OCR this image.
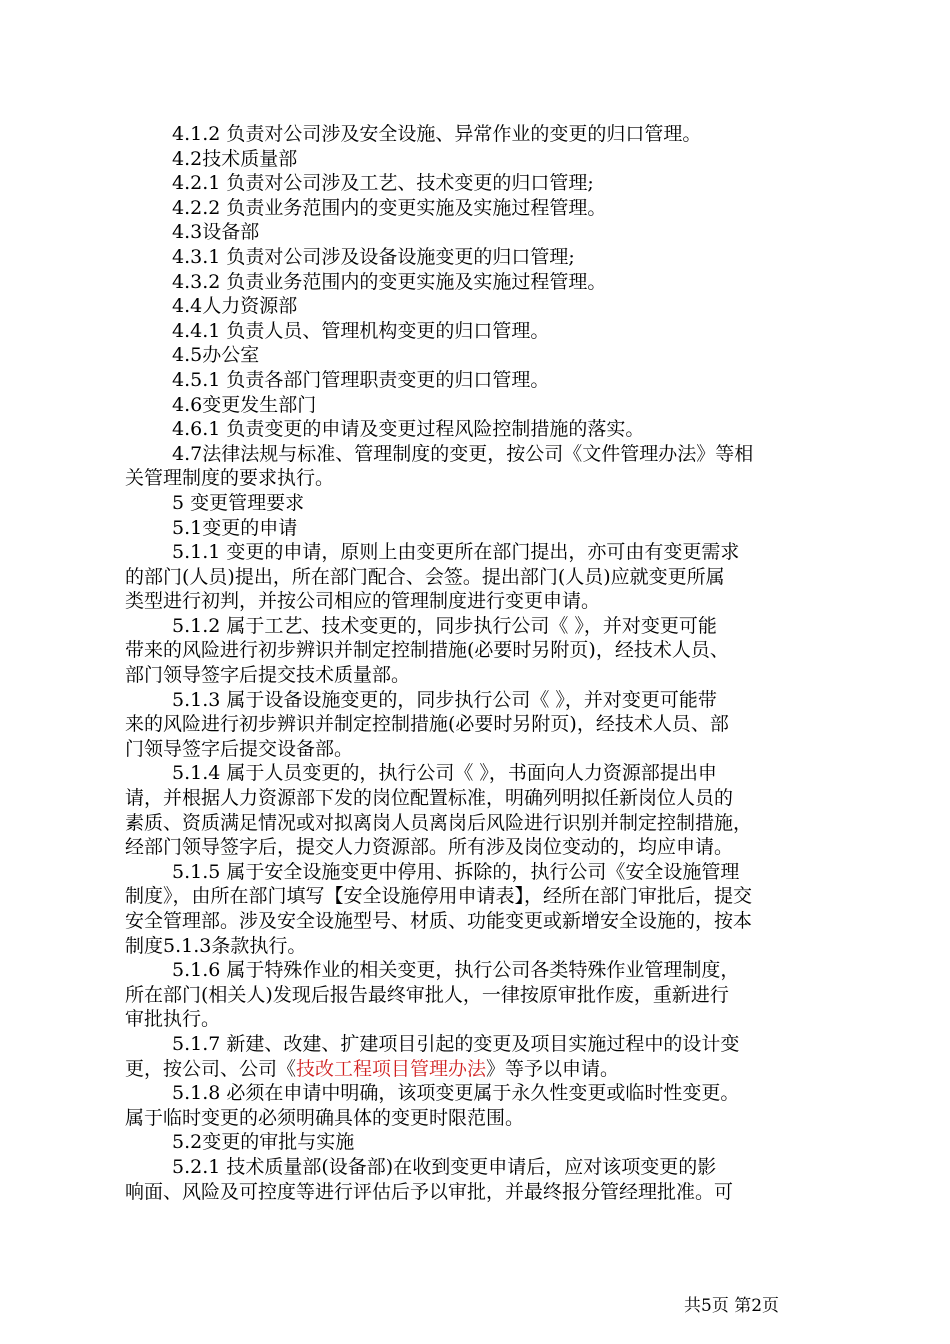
4.1.2 负责对公司涉及安全设施、异常作业的变更的归口管理。
4.2技术质量部
4.2.1 负责对公司涉及工艺、技术变更的归口管理;
4.2.2 负责业务范围内的变更实施及实施过程管理。
4.3设备部
4.3.1 负责对公司涉及设备设施变更的归口管理;
4.3.2 负责业务范围内的变更实施及实施过程管理。
4.4人力资源部
4.4.1 负责人员、管理机构变更的归口管理。
4.5办公室
4.5.1 负责各部门管理职责变更的归口管理。
4.6变更发生部门
4.6.1 负责变更的申请及变更过程风险控制措施的落实。
4.7法律法规与标准、管理制度的变更，按公司《文件管理办法》等相
关管理制度的要求执行。
5 变更管理要求
5.1变更的申请
5.1.1 变更的申请，原则上由变更所在部门提出，亦可由有变更需求
的部门(人员)提出，所在部门配合、会签。提出部门(人员)应就变更所属
类型进行初判，并按公司相应的管理制度进行变更申请。
5.1.2 属于工艺、技术变更的，同步执行公司《 》，并对变更可能
带来的风险进行初步辨识并制定控制措施(必要时另附页)，经技术人员、
部门领导签字后提交技术质量部。
5.1.3 属于设备设施变更的，同步执行公司《 》，并对变更可能带
来的风险进行初步辨识并制定控制措施(必要时另附页)，经技术人员、部
门领导签字后提交设备部。
5.1.4 属于人员变更的，执行公司《 》，书面向人力资源部提出申
请，并根据人力资源部下发的岗位配置标准，明确列明拟任新岗位人员的
素质、资质满足情况或对拟离岗人员离岗后风险进行识别并制定控制措施，
经部门领导签字后，提交人力资源部。所有涉及岗位变动的，均应申请。
5.1.5 属于安全设施变更中停用、拆除的，执行公司《安全设施管理
制度》，由所在部门填写【安全设施停用申请表】，经所在部门审批后，提交
安全管理部。涉及安全设施型号、材质、功能变更或新增安全设施的，按本
制度5.1.3条款执行。
5.1.6 属于特殊作业的相关变更，执行公司各类特殊作业管理制度，
所在部门(相关人)发现后报告最终审批人，一律按原审批作废，重新进行
审批执行。
5.1.7 新建、改建、扩建项目引起的变更及项目实施过程中的设计变
更，按公司、公司《技改工程项目管理办法》等予以申请。
5.1.8 必须在申请中明确，该项变更属于永久性变更或临时性变更。
属于临时变更的必须明确具体的变更时限范围。
5.2变更的审批与实施
5.2.1 技术质量部(设备部)在收到变更申请后，应对该项变更的影
响面、风险及可控度等进行评估后予以审批，并最终报分管经理批准。可
共5页 第2页
